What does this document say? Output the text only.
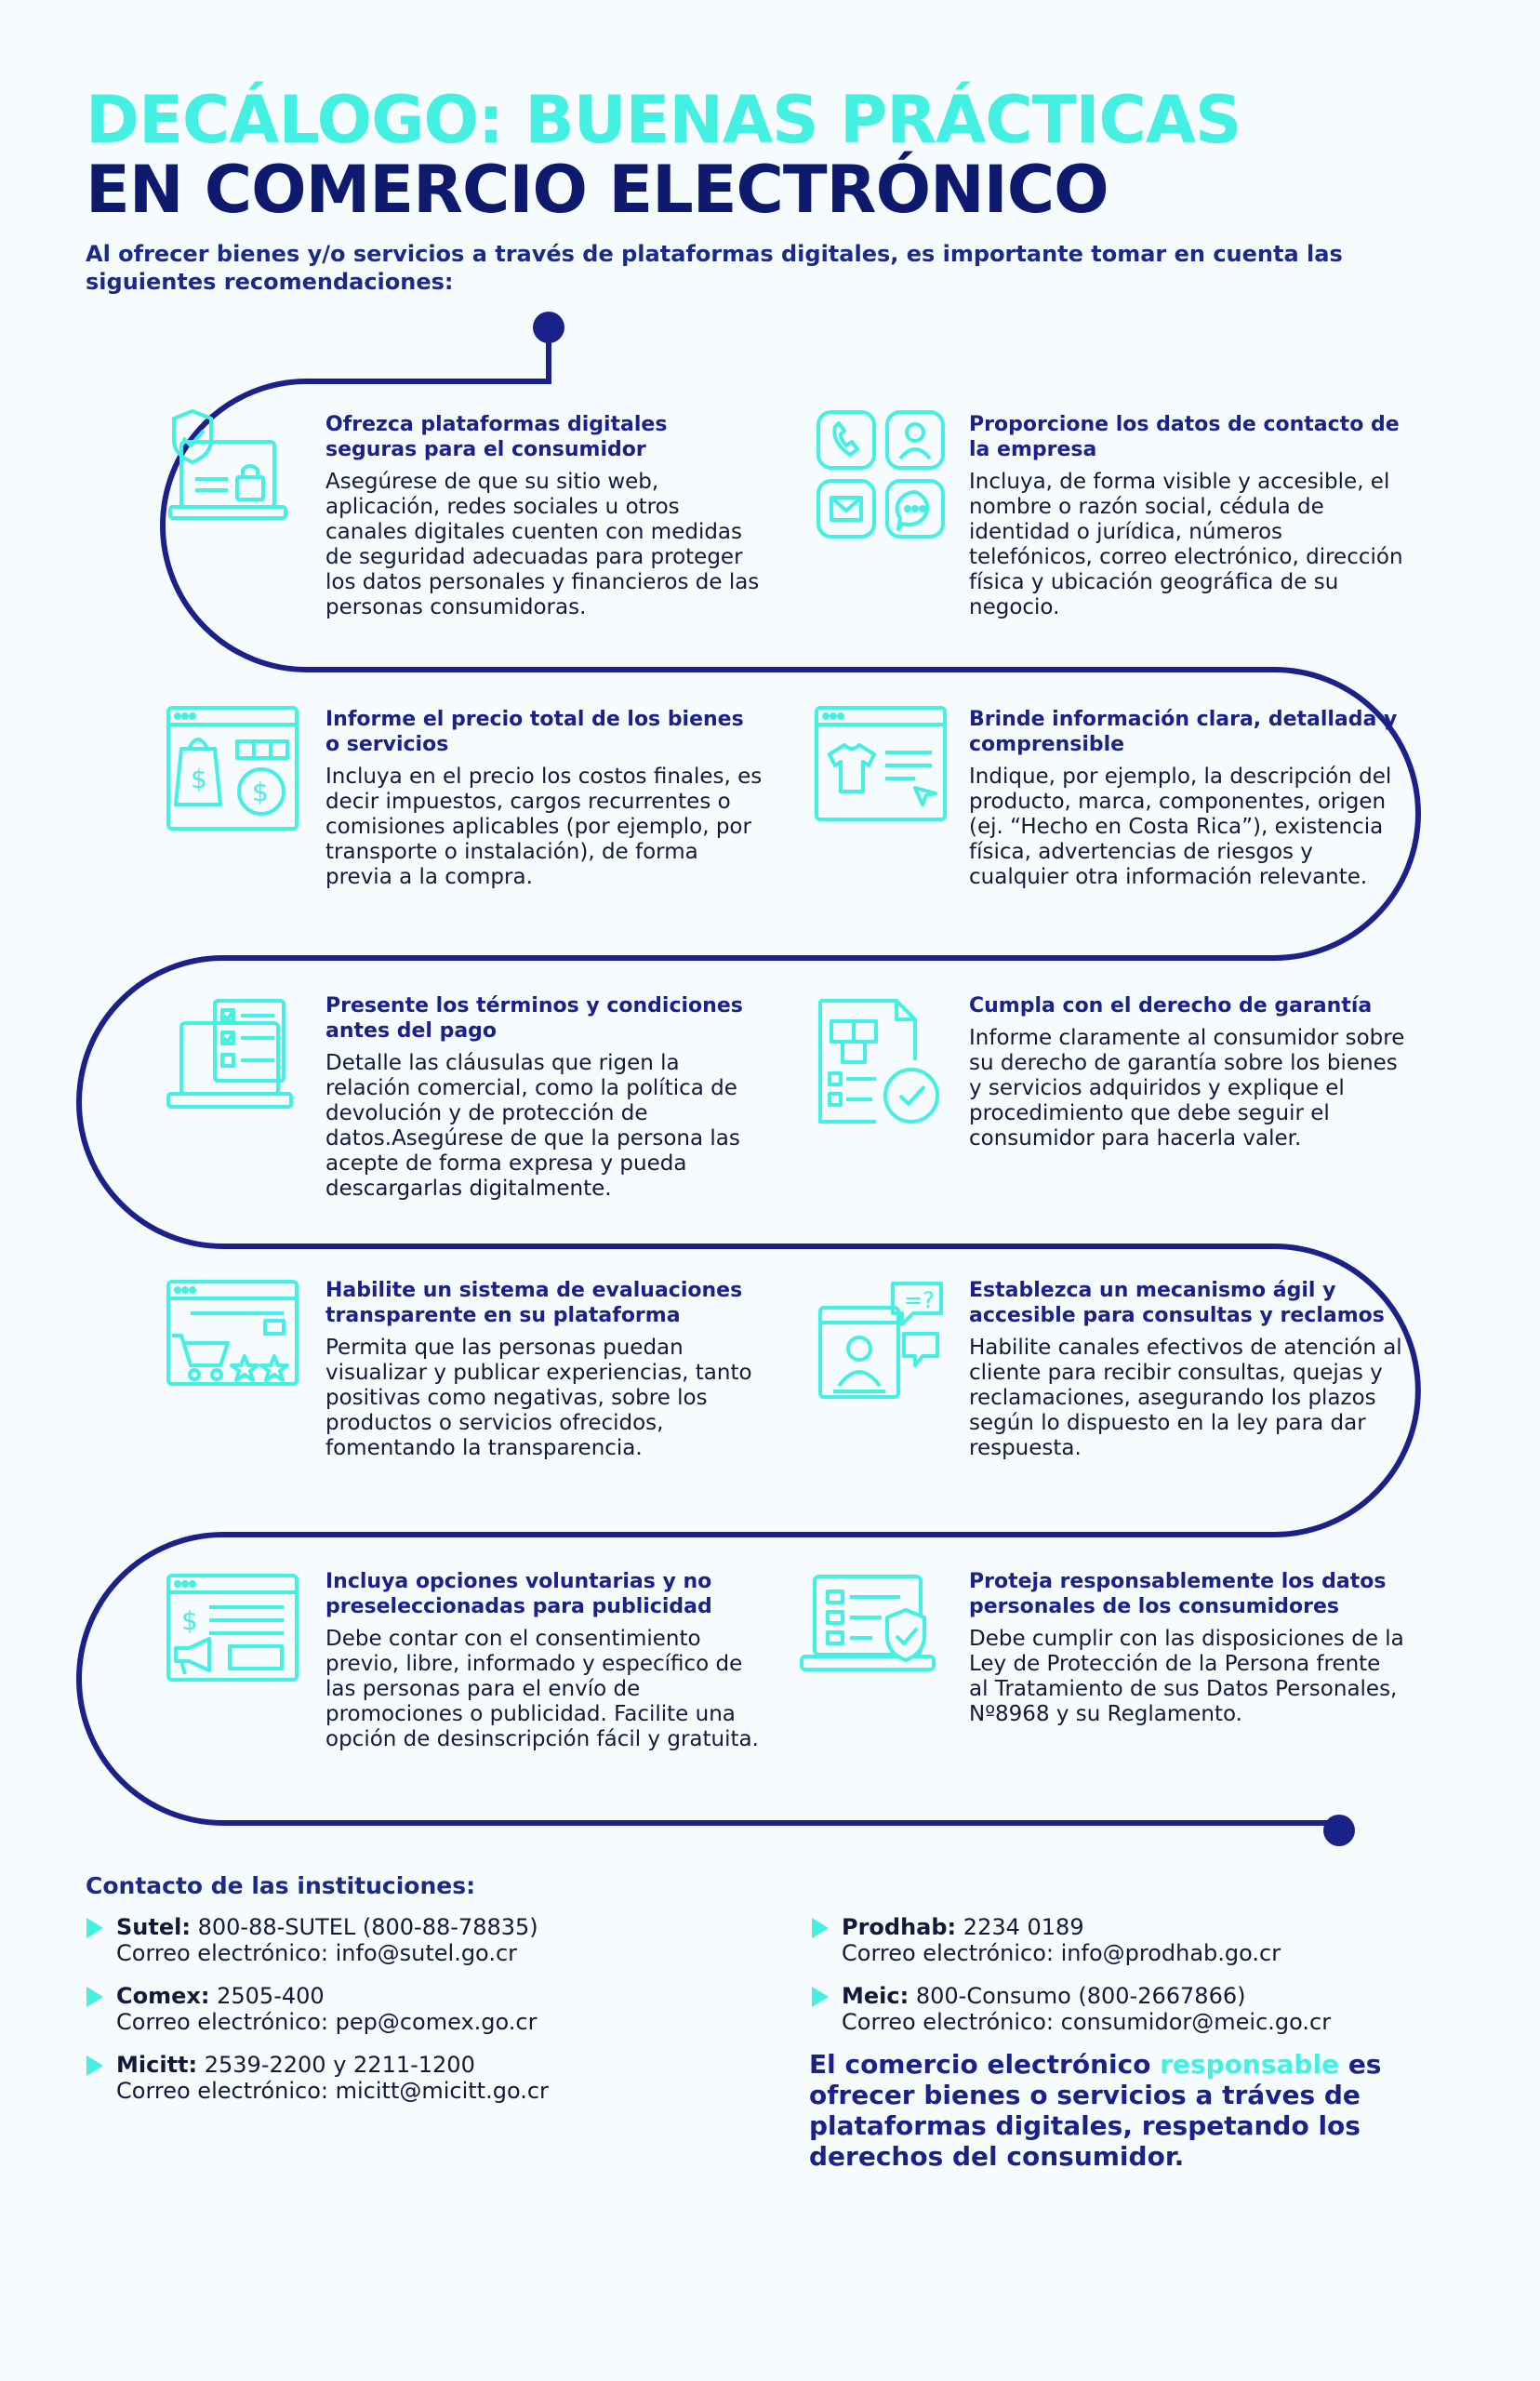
DECÁLOGO: BUENAS PRÁCTICAS
EN COMERCIO ELECTRÓNICO

Al ofrecer bienes y/o servicios a través de plataformas digitales, es importante tomar en cuenta las siguientes recomendaciones:

$ $
=?
$
Ofrezca plataformas digitales seguras para el consumidor

Asegúrese de que su sitio web, aplicación, redes sociales u otros canales digitales cuenten con medidas de seguridad adecuadas para proteger los datos personales y financieros de las personas consumidoras.

Proporcione los datos de contacto de la empresa

Incluya, de forma visible y accesible, el nombre o razón social, cédula de identidad o jurídica, números telefónicos, correo electrónico, dirección física y ubicación geográfica de su negocio.

Informe el precio total de los bienes o servicios

Incluya en el precio los costos finales, es decir impuestos, cargos recurrentes o comisiones aplicables (por ejemplo, por transporte o instalación), de forma previa a la compra.

Brinde información clara, detallada y comprensible

Indique, por ejemplo, la descripción del producto, marca, componentes, origen (ej. “Hecho en Costa Rica”), existencia física, advertencias de riesgos y cualquier otra información relevante.

Presente los términos y condiciones antes del pago

Detalle las cláusulas que rigen la relación comercial, como la política de devolución y de protección de datos.Asegúrese de que la persona las acepte de forma expresa y pueda descargarlas digitalmente.

Cumpla con el derecho de garantía

Informe claramente al consumidor sobre su derecho de garantía sobre los bienes y servicios adquiridos y explique el procedimiento que debe seguir el consumidor para hacerla valer.

Habilite un sistema de evaluaciones transparente en su plataforma

Permita que las personas puedan visualizar y publicar experiencias, tanto positivas como negativas, sobre los productos o servicios ofrecidos, fomentando la transparencia.

Establezca un mecanismo ágil y accesible para consultas y reclamos

Habilite canales efectivos de atención al cliente para recibir consultas, quejas y reclamaciones, asegurando los plazos según lo dispuesto en la ley para dar respuesta.

Incluya opciones voluntarias y no preseleccionadas para publicidad

Debe contar con el consentimiento previo, libre, informado y específico de las personas para el envío de promociones o publicidad. Facilite una opción de desinscripción fácil y gratuita.

Proteja responsablemente los datos personales de los consumidores

Debe cumplir con las disposiciones de la Ley de Protección de la Persona frente al Tratamiento de sus Datos Personales, Nº8968 y su Reglamento.

Contacto de las instituciones:
Sutel: 800-88-SUTEL (800-88-78835)
Correo electrónico: info@sutel.go.cr
Comex: 2505-400
Correo electrónico: pep@comex.go.cr
Micitt: 2539-2200 y 2211-1200
Correo electrónico: micitt@micitt.go.cr
Prodhab: 2234 0189
Correo electrónico: info@prodhab.go.cr
Meic: 800-Consumo (800-2667866)
Correo electrónico: consumidor@meic.go.cr

El comercio electrónico responsable es ofrecer bienes o servicios a tráves de plataformas digitales, respetando los derechos del consumidor.
